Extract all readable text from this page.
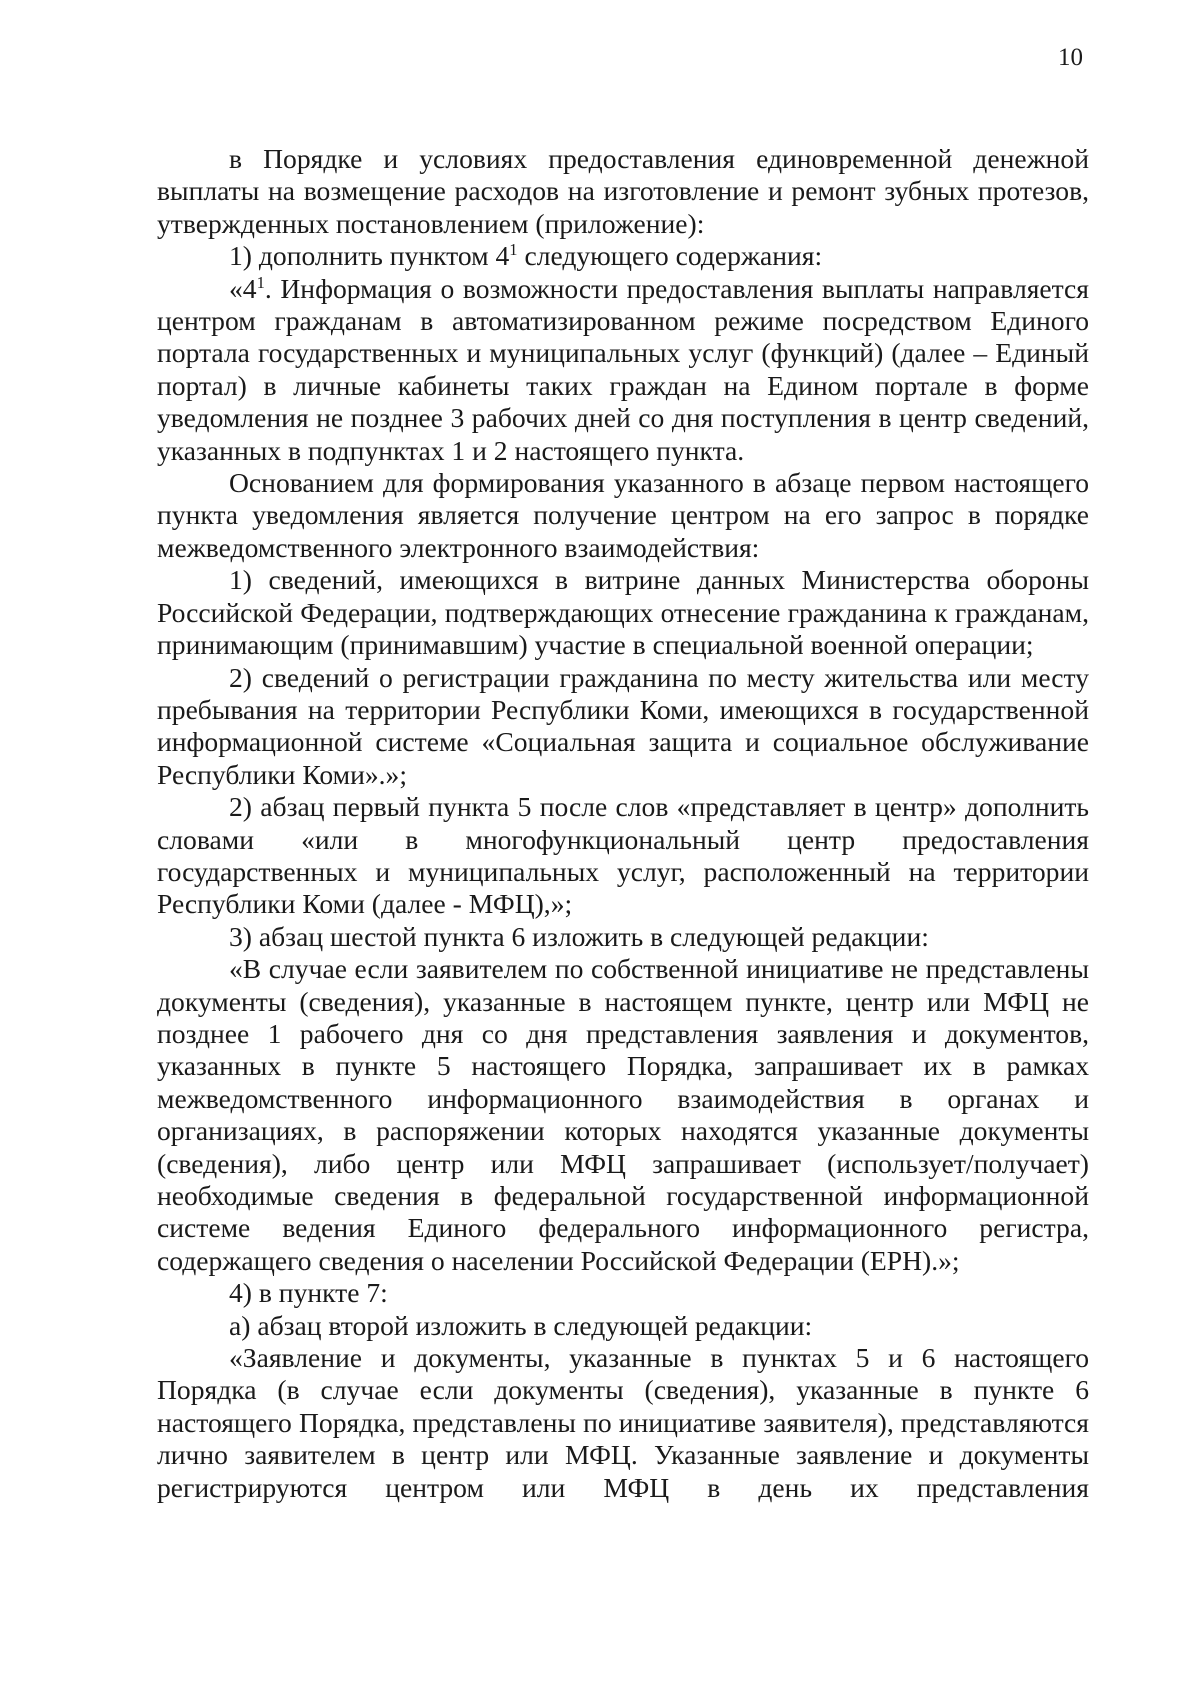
10

в Порядке и условиях предоставления единовременной денежной выплаты на возмещение расходов на изготовление и ремонт зубных протезов, утвержденных постановлением (приложение):

1) дополнить пунктом $4^1$ следующего содержания:

«$4^1$. Информация о возможности предоставления выплаты направляется центром гражданам в автоматизированном режиме посредством Единого портала государственных и муниципальных услуг (функций) (далее – Единый портал) в личные кабинеты таких граждан на Едином портале в форме уведомления не позднее 3 рабочих дней со дня поступления в центр сведений, указанных в подпунктах 1 и 2 настоящего пункта.

Основанием для формирования указанного в абзаце первом настоящего пункта уведомления является получение центром на его запрос в порядке межведомственного электронного взаимодействия:

1) сведений, имеющихся в витрине данных Министерства обороны Российской Федерации, подтверждающих отнесение гражданина к гражданам, принимающим (принимавшим) участие в специальной военной операции;

2) сведений о регистрации гражданина по месту жительства или месту пребывания на территории Республики Коми, имеющихся в государственной информационной системе «Социальная защита и социальное обслуживание Республики Коми».»;

2) абзац первый пункта 5 после слов «представляет в центр» дополнить словами «или в многофункциональный центр предоставления государственных и муниципальных услуг, расположенный на территории Республики Коми (далее - МФЦ),»;

3) абзац шестой пункта 6 изложить в следующей редакции:

«В случае если заявителем по собственной инициативе не представлены документы (сведения), указанные в настоящем пункте, центр или МФЦ не позднее 1 рабочего дня со дня представления заявления и документов, указанных в пункте 5 настоящего Порядка, запрашивает их в рамках межведомственного информационного взаимодействия в органах и организациях, в распоряжении которых находятся указанные документы (сведения), либо центр или МФЦ запрашивает (использует/получает) необходимые сведения в федеральной государственной информационной системе ведения Единого федерального информационного регистра, содержащего сведения о населении Российской Федерации (ЕРН).»;

4) в пункте 7:

а) абзац второй изложить в следующей редакции:

«Заявление и документы, указанные в пунктах 5 и 6 настоящего Порядка (в случае если документы (сведения), указанные в пункте 6 настоящего Порядка, представлены по инициативе заявителя), представляются лично заявителем в центр или МФЦ. Указанные заявление и документы регистрируются центром или МФЦ в день их представления
